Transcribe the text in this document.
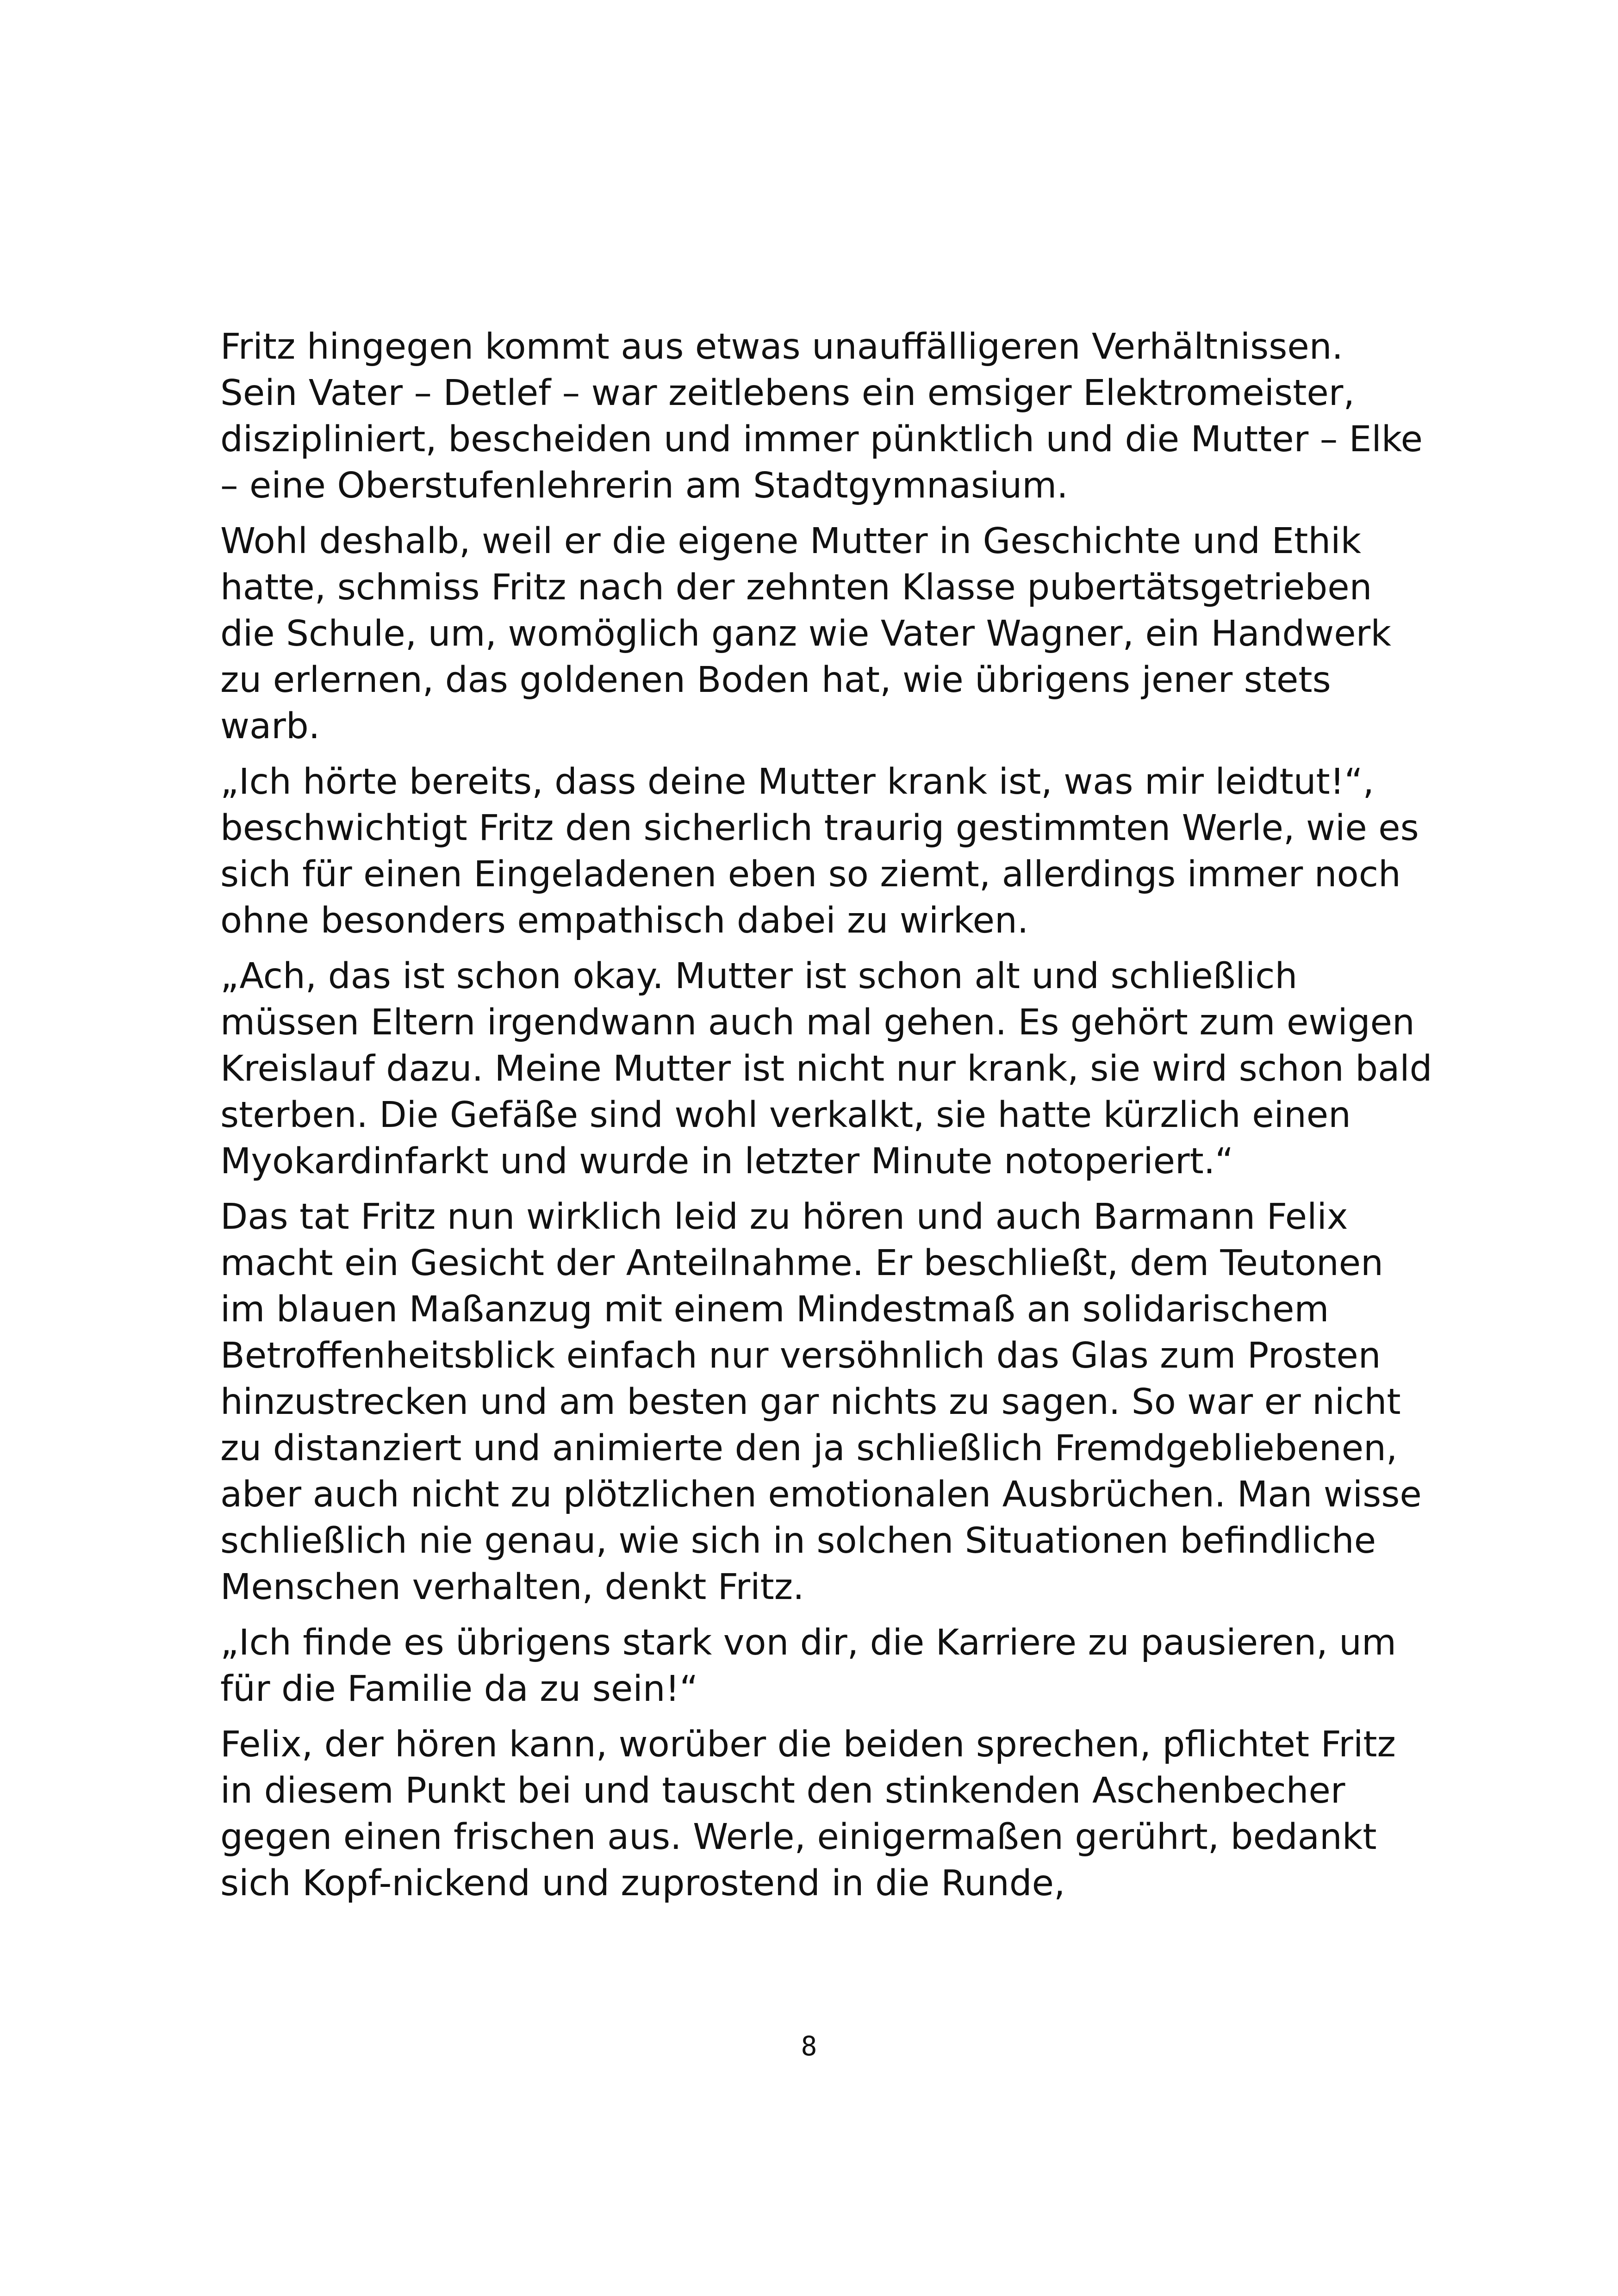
Fritz hingegen kommt aus etwas unauffälligeren Verhältnissen.
Sein Vater – Detlef – war zeitlebens ein emsiger Elektromeister,
diszipliniert, bescheiden und immer pünktlich und die Mutter – Elke
– eine Oberstufenlehrerin am Stadtgymnasium.

Wohl deshalb, weil er die eigene Mutter in Geschichte und Ethik
hatte, schmiss Fritz nach der zehnten Klasse pubertätsgetrieben
die Schule, um, womöglich ganz wie Vater Wagner, ein Handwerk
zu erlernen, das goldenen Boden hat, wie übrigens jener stets
warb.

„Ich hörte bereits, dass deine Mutter krank ist, was mir leidtut!“,
beschwichtigt Fritz den sicherlich traurig gestimmten Werle, wie es
sich für einen Eingeladenen eben so ziemt, allerdings immer noch
ohne besonders empathisch dabei zu wirken.

„Ach, das ist schon okay. Mutter ist schon alt und schließlich
müssen Eltern irgendwann auch mal gehen. Es gehört zum ewigen
Kreislauf dazu. Meine Mutter ist nicht nur krank, sie wird schon bald
sterben. Die Gefäße sind wohl verkalkt, sie hatte kürzlich einen
Myokardinfarkt und wurde in letzter Minute notoperiert.“

Das tat Fritz nun wirklich leid zu hören und auch Barmann Felix
macht ein Gesicht der Anteilnahme. Er beschließt, dem Teutonen
im blauen Maßanzug mit einem Mindestmaß an solidarischem
Betroffenheitsblick einfach nur versöhnlich das Glas zum Prosten
hinzustrecken und am besten gar nichts zu sagen. So war er nicht
zu distanziert und animierte den ja schließlich Fremdgebliebenen,
aber auch nicht zu plötzlichen emotionalen Ausbrüchen. Man wisse
schließlich nie genau, wie sich in solchen Situationen befindliche
Menschen verhalten, denkt Fritz.

„Ich finde es übrigens stark von dir, die Karriere zu pausieren, um
für die Familie da zu sein!“

Felix, der hören kann, worüber die beiden sprechen, pflichtet Fritz
in diesem Punkt bei und tauscht den stinkenden Aschenbecher
gegen einen frischen aus. Werle, einigermaßen gerührt, bedankt
sich Kopf-nickend und zuprostend in die Runde,

8
